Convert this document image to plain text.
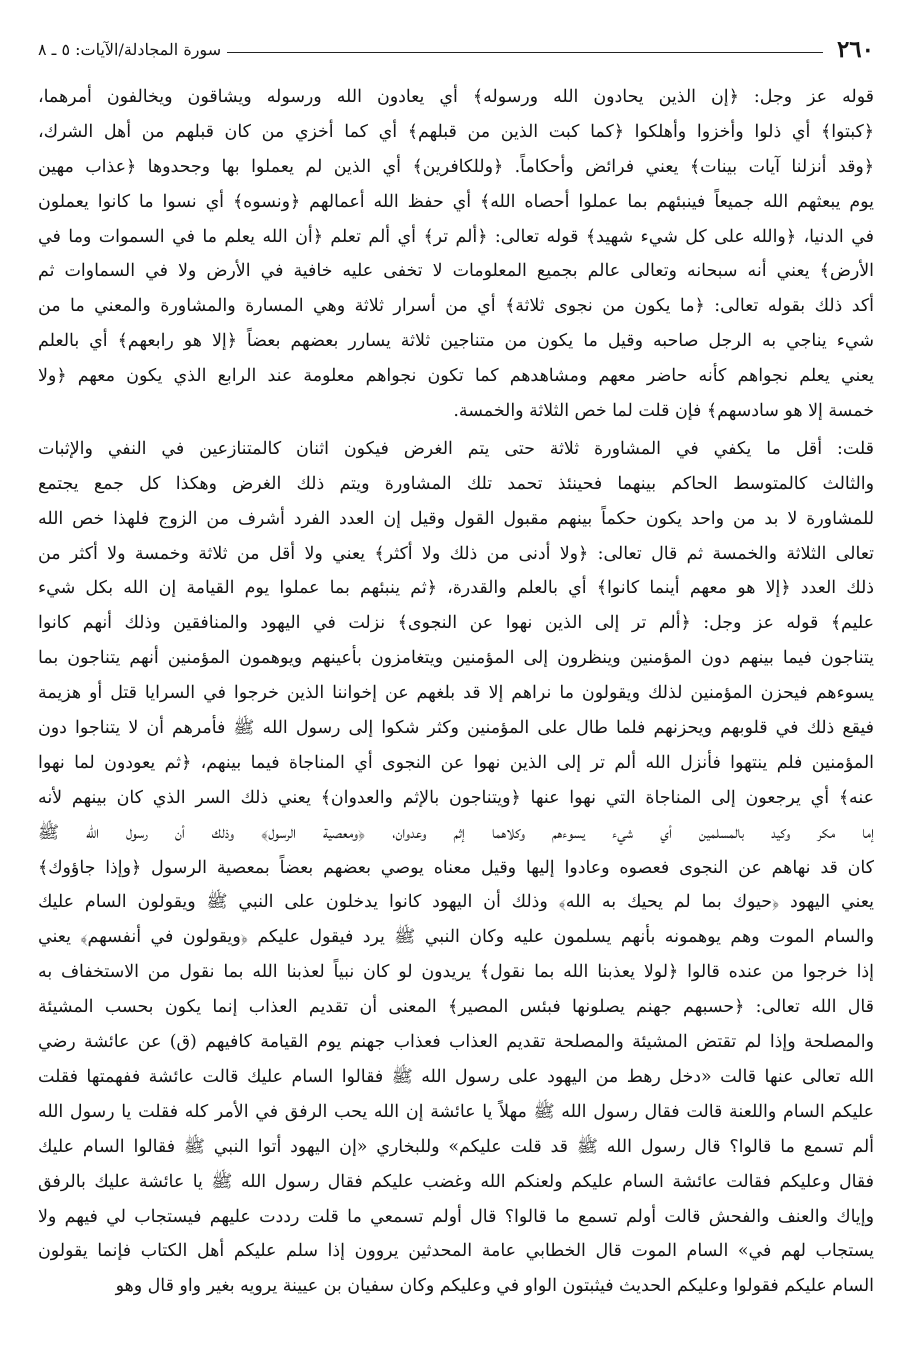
٢٦٠
سورة المجادلة/الآيات: ٥ ـ ٨
قوله عز وجل: ﴿إن الذين يحادون الله ورسوله﴾ أي يعادون الله ورسوله ويشاقون ويخالفون أمرهما،
﴿كبتوا﴾ أي ذلوا وأخزوا وأهلكوا ﴿كما كبت الذين من قبلهم﴾ أي كما أخزي من كان قبلهم من أهل الشرك،
﴿وقد أنزلنا آيات بينات﴾ يعني فرائض وأحكاماً. ﴿وللكافرين﴾ أي الذين لم يعملوا بها وجحدوها ﴿عذاب مهين
يوم يبعثهم الله جميعاً فينبئهم بما عملوا أحصاه الله﴾ أي حفظ الله أعمالهم ﴿ونسوه﴾ أي نسوا ما كانوا يعملون
في الدنيا، ﴿والله على كل شيء شهيد﴾ قوله تعالى: ﴿ألم تر﴾ أي ألم تعلم ﴿أن الله يعلم ما في السموات وما في
الأرض﴾ يعني أنه سبحانه وتعالى عالم بجميع المعلومات لا تخفى عليه خافية في الأرض ولا في السماوات ثم
أكد ذلك بقوله تعالى: ﴿ما يكون من نجوى ثلاثة﴾ أي من أسرار ثلاثة وهي المسارة والمشاورة والمعني ما من
شيء يناجي به الرجل صاحبه وقيل ما يكون من متناجين ثلاثة يسارر بعضهم بعضاً ﴿إلا هو رابعهم﴾ أي بالعلم
يعني يعلم نجواهم كأنه حاضر معهم ومشاهدهم كما تكون نجواهم معلومة عند الرابع الذي يكون معهم ﴿ولا
خمسة إلا هو سادسهم﴾ فإن قلت لما خص الثلاثة والخمسة.
قلت: أقل ما يكفي في المشاورة ثلاثة حتى يتم الغرض فيكون اثنان كالمتنازعين في النفي والإثبات
والثالث كالمتوسط الحاكم بينهما فحينئذ تحمد تلك المشاورة ويتم ذلك الغرض وهكذا كل جمع يجتمع
للمشاورة لا بد من واحد يكون حكماً بينهم مقبول القول وقيل إن العدد الفرد أشرف من الزوج فلهذا خص الله
تعالى الثلاثة والخمسة ثم قال تعالى: ﴿ولا أدنى من ذلك ولا أكثر﴾ يعني ولا أقل من ثلاثة وخمسة ولا أكثر من
ذلك العدد ﴿إلا هو معهم أينما كانوا﴾ أي بالعلم والقدرة، ﴿ثم ينبئهم بما عملوا يوم القيامة إن الله بكل شيء
عليم﴾ قوله عز وجل: ﴿ألم تر إلى الذين نهوا عن النجوى﴾ نزلت في اليهود والمنافقين وذلك أنهم كانوا
يتناجون فيما بينهم دون المؤمنين وينظرون إلى المؤمنين ويتغامزون بأعينهم ويوهمون المؤمنين أنهم يتناجون بما
يسوءهم فيحزن المؤمنين لذلك ويقولون ما نراهم إلا قد بلغهم عن إخواننا الذين خرجوا في السرايا قتل أو هزيمة
فيقع ذلك في قلوبهم ويحزنهم فلما طال على المؤمنين وكثر شكوا إلى رسول الله ﷺ فأمرهم أن لا يتناجوا دون
المؤمنين فلم ينتهوا فأنزل الله ألم تر إلى الذين نهوا عن النجوى أي المناجاة فيما بينهم، ﴿ثم يعودون لما نهوا
عنه﴾ أي يرجعون إلى المناجاة التي نهوا عنها ﴿ويتناجون بالإثم والعدوان﴾ يعني ذلك السر الذي كان بينهم لأنه
إما مكر وكيد بالمسلمين أي شيء يسوءهم وكلاهما إثم وعدوان، ﴿ومعصية الرسول﴾ وذلك أن رسول الله ﷺ
كان قد نهاهم عن النجوى فعصوه وعادوا إليها وقيل معناه يوصي بعضهم بعضاً بمعصية الرسول ﴿وإذا جاؤوك﴾
يعني اليهود ﴿حيوك بما لم يحيك به الله﴾ وذلك أن اليهود كانوا يدخلون على النبي ﷺ ويقولون السام عليك
والسام الموت وهم يوهمونه بأنهم يسلمون عليه وكان النبي ﷺ يرد فيقول عليكم ﴿ويقولون في أنفسهم﴾ يعني
إذا خرجوا من عنده قالوا ﴿لولا يعذبنا الله بما نقول﴾ يريدون لو كان نبياً لعذبنا الله بما نقول من الاستخفاف به
قال الله تعالى: ﴿حسبهم جهنم يصلونها فبئس المصير﴾ المعنى أن تقديم العذاب إنما يكون بحسب المشيئة
والمصلحة وإذا لم تقتض المشيئة والمصلحة تقديم العذاب فعذاب جهنم يوم القيامة كافيهم (ق) عن عائشة رضي
الله تعالى عنها قالت «دخل رهط من اليهود على رسول الله ﷺ فقالوا السام عليك قالت عائشة ففهمتها فقلت
عليكم السام واللعنة قالت فقال رسول الله ﷺ مهلاً يا عائشة إن الله يحب الرفق في الأمر كله فقلت يا رسول الله
ألم تسمع ما قالوا؟ قال رسول الله ﷺ قد قلت عليكم» وللبخاري «إن اليهود أتوا النبي ﷺ فقالوا السام عليك
فقال وعليكم فقالت عائشة السام عليكم ولعنكم الله وغضب عليكم فقال رسول الله ﷺ يا عائشة عليك بالرفق
وإياك والعنف والفحش قالت أولم تسمع ما قالوا؟ قال أولم تسمعي ما قلت رددت عليهم فيستجاب لي فيهم ولا
يستجاب لهم في» السام الموت قال الخطابي عامة المحدثين يروون إذا سلم عليكم أهل الكتاب فإنما يقولون
السام عليكم فقولوا وعليكم الحديث فيثبتون الواو في وعليكم وكان سفيان بن عيينة يرويه بغير واو قال وهو
